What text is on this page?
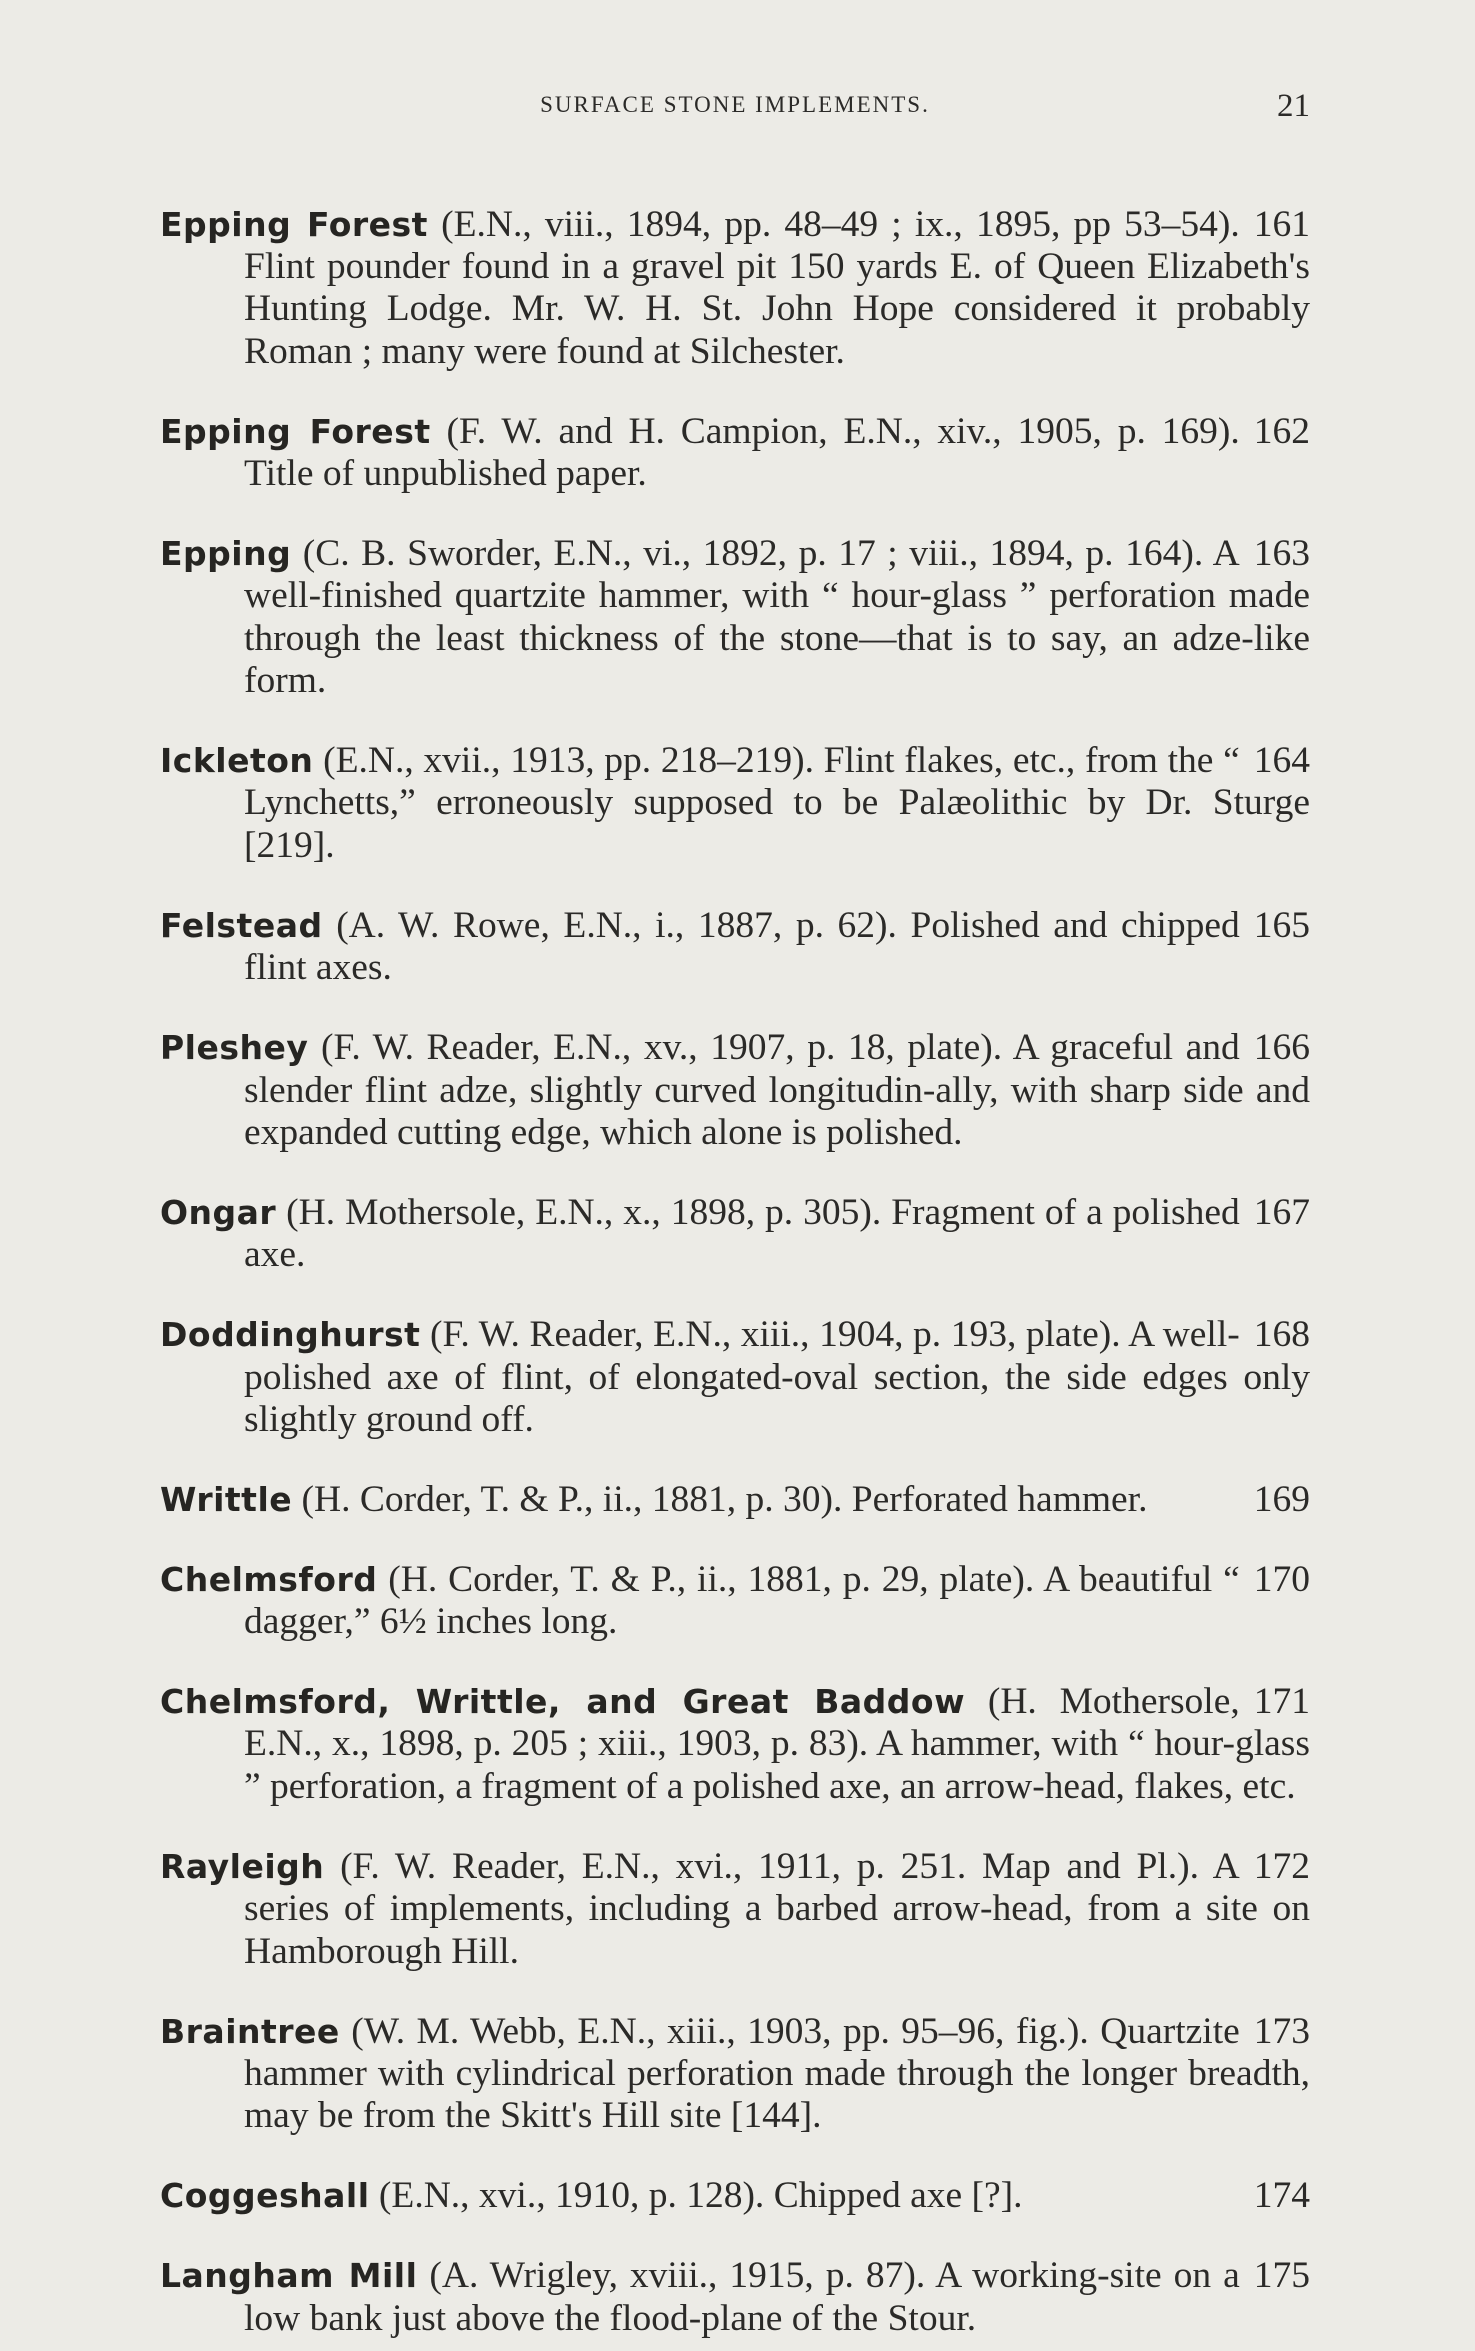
SURFACE STONE IMPLEMENTS.	21

161
Epping Forest (E.N., viii., 1894, pp. 48–49 ; ix., 1895, pp 53–54). Flint pounder found in a gravel pit 150 yards E. of Queen Elizabeth's Hunting Lodge. Mr. W. H. St. John Hope considered it probably Roman ; many were found at Silchester.

162
Epping Forest (F. W. and H. Campion, E.N., xiv., 1905, p. 169). Title of unpublished paper.

163
Epping (C. B. Sworder, E.N., vi., 1892, p. 17 ; viii., 1894, p. 164). A well-finished quartzite hammer, with “ hour-glass ” perforation made through the least thickness of the stone—that is to say, an adze-like form.

164
Ickleton (E.N., xvii., 1913, pp. 218–219). Flint flakes, etc., from the “ Lynchetts,” erroneously supposed to be Palæolithic by Dr. Sturge [219].

165
Felstead (A. W. Rowe, E.N., i., 1887, p. 62). Polished and chipped flint axes.

166
Pleshey (F. W. Reader, E.N., xv., 1907, p. 18, plate). A graceful and slender flint adze, slightly curved longitudin-ally, with sharp side and expanded cutting edge, which alone is polished.

167
Ongar (H. Mothersole, E.N., x., 1898, p. 305). Fragment of a polished axe.

168
Doddinghurst (F. W. Reader, E.N., xiii., 1904, p. 193, plate). A well-polished axe of flint, of elongated-oval section, the side edges only slightly ground off.

169
Writtle (H. Corder, T. & P., ii., 1881, p. 30). Perforated hammer.

170
Chelmsford (H. Corder, T. & P., ii., 1881, p. 29, plate). A beautiful “ dagger,” 6½ inches long.

171
Chelmsford, Writtle, and Great Baddow (H. Mothersole, E.N., x., 1898, p. 205 ; xiii., 1903, p. 83). A hammer, with “ hour-glass ” perforation, a fragment of a polished axe, an arrow-head, flakes, etc.

172
Rayleigh (F. W. Reader, E.N., xvi., 1911, p. 251. Map and Pl.). A series of implements, including a barbed arrow-head, from a site on Hamborough Hill.

173
Braintree (W. M. Webb, E.N., xiii., 1903, pp. 95–96, fig.). Quartzite hammer with cylindrical perforation made through the longer breadth, may be from the Skitt's Hill site [144].

174
Coggeshall (E.N., xvi., 1910, p. 128). Chipped axe [?].

175
Langham Mill (A. Wrigley, xviii., 1915, p. 87). A working-site on a low bank just above the flood-plane of the Stour.
